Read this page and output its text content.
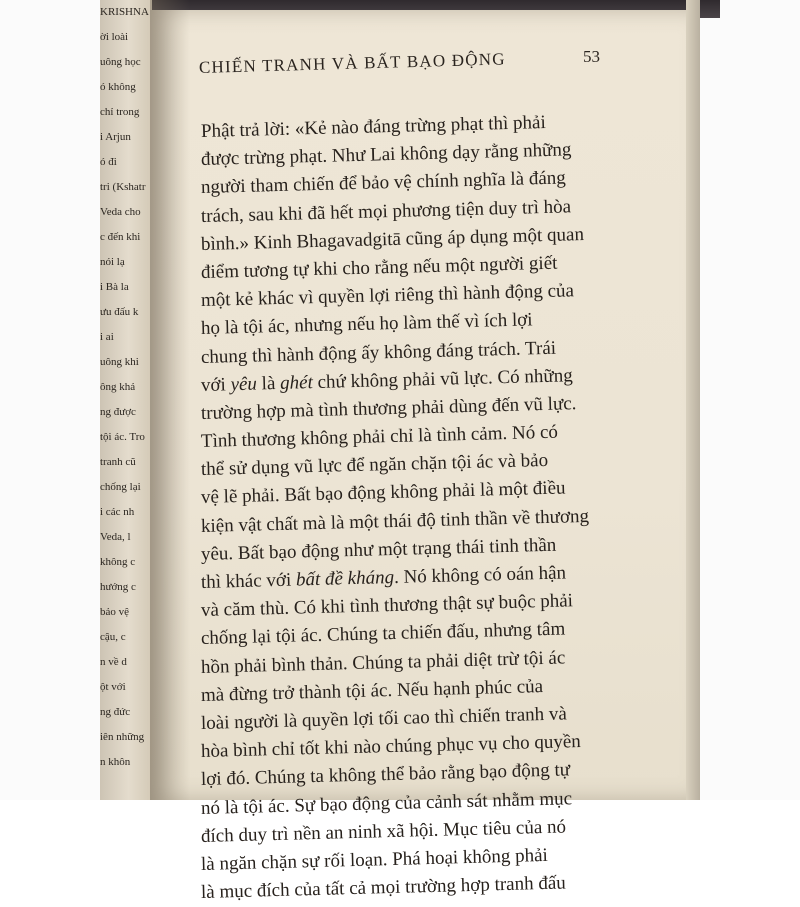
KRISHNA
ời loài
uông học
ó không
chỉ trong
i Arjun
ó đi
tri (Kshatr
Veda cho
c đến khi
nói lạ
i Bà la
ưu đấu k
i ai
uông khi
ông khả
ng được
tội ác. Tro
tranh cũ
chống lại
i các nh
Veda, l
không c
hướng c
bảo vệ
cậu, c
n về d
ột với
ng đức
iên những
n khôn
CHIẾN TRANH VÀ BẤT BẠO ĐỘNG	53
Phật trả lời: «Kẻ nào đáng trừng phạt thì phải
được trừng phạt. Như Lai không dạy rằng những
người tham chiến để bảo vệ chính nghĩa là đáng
trách, sau khi đã hết mọi phương tiện duy trì hòa
bình.» Kinh Bhagavadgitā cũng áp dụng một quan
điểm tương tự khi cho rằng nếu một người giết
một kẻ khác vì quyền lợi riêng thì hành động của
họ là tội ác, nhưng nếu họ làm thế vì ích lợi
chung thì hành động ấy không đáng trách. Trái
với yêu là ghét chứ không phải vũ lực. Có những
trường hợp mà tình thương phải dùng đến vũ lực.
Tình thương không phải chỉ là tình cảm. Nó có
thể sử dụng vũ lực để ngăn chặn tội ác và bảo
vệ lẽ phải. Bất bạo động không phải là một điều
kiện vật chất mà là một thái độ tinh thần về thương
yêu. Bất bạo động như một trạng thái tinh thần
thì khác với bất đề kháng. Nó không có oán hận
và căm thù. Có khi tình thương thật sự buộc phải
chống lại tội ác. Chúng ta chiến đấu, nhưng tâm
hồn phải bình thản. Chúng ta phải diệt trừ tội ác
mà đừng trở thành tội ác. Nếu hạnh phúc của
loài người là quyền lợi tối cao thì chiến tranh và
hòa bình chỉ tốt khi nào chúng phục vụ cho quyền
lợi đó. Chúng ta không thể bảo rằng bạo động tự
nó là tội ác. Sự bạo động của cảnh sát nhằm mục
đích duy trì nền an ninh xã hội. Mục tiêu của nó
là ngăn chặn sự rối loạn. Phá hoại không phải
là mục đích của tất cả mọi trường hợp tranh đấu
